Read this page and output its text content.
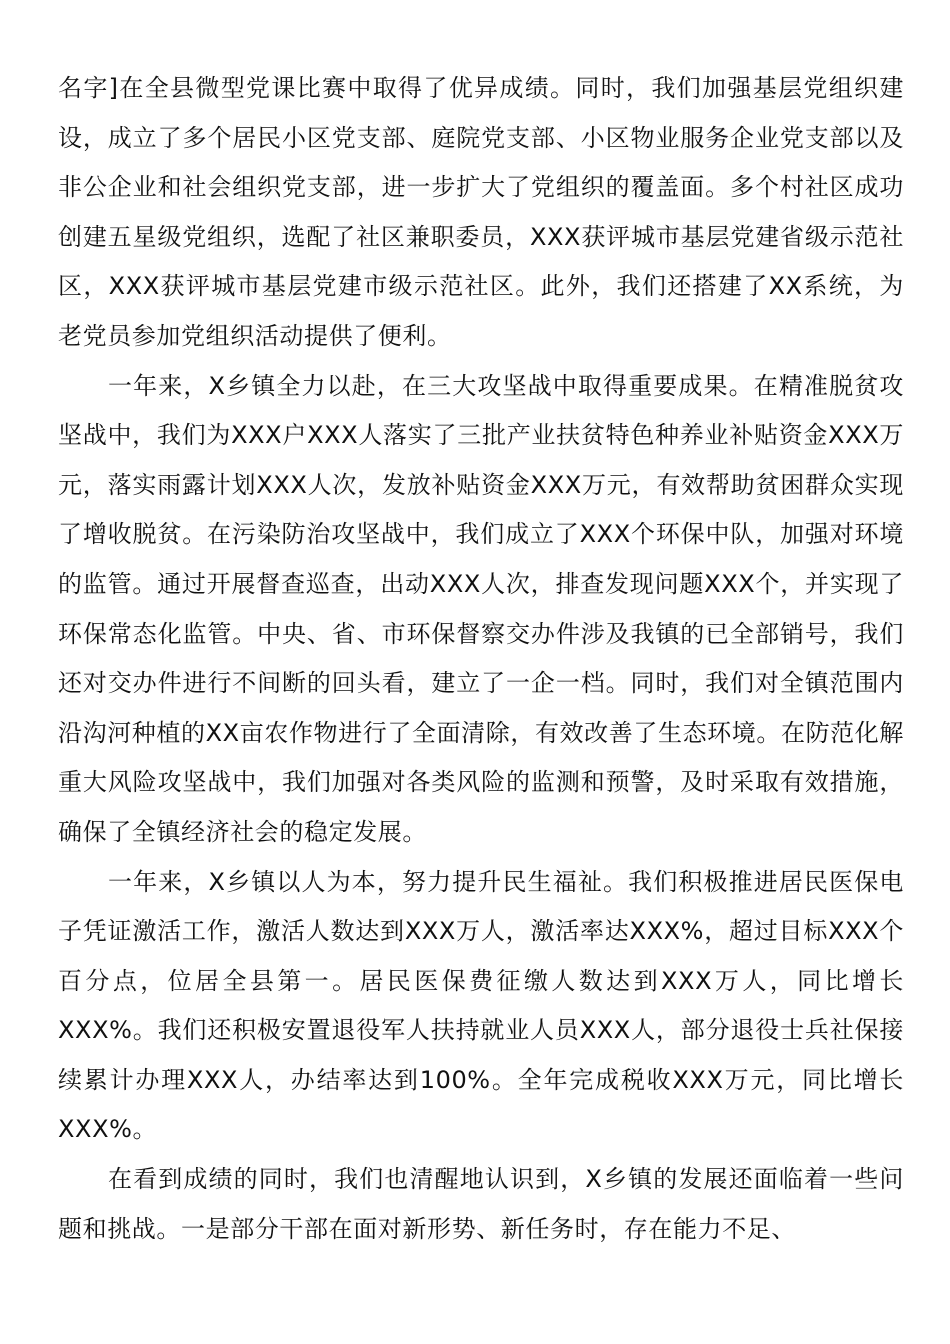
名字]在全县微型党课比赛中取得了优异成绩。同时，我们加强基层党组织建设，成立了多个居民小区党支部、庭院党支部、小区物业服务企业党支部以及非公企业和社会组织党支部，进一步扩大了党组织的覆盖面。多个村社区成功创建五星级党组织，选配了社区兼职委员，XXX获评城市基层党建省级示范社区，XXX获评城市基层党建市级示范社区。此外，我们还搭建了XX系统，为老党员参加党组织活动提供了便利。

一年来，X乡镇全力以赴，在三大攻坚战中取得重要成果。在精准脱贫攻坚战中，我们为XXX户XXX人落实了三批产业扶贫特色种养业补贴资金XXX万元，落实雨露计划XXX人次，发放补贴资金XXX万元，有效帮助贫困群众实现了增收脱贫。在污染防治攻坚战中，我们成立了XXX个环保中队，加强对环境的监管。通过开展督查巡查，出动XXX人次，排查发现问题XXX个，并实现了环保常态化监管。中央、省、市环保督察交办件涉及我镇的已全部销号，我们还对交办件进行不间断的回头看，建立了一企一档。同时，我们对全镇范围内沿沟河种植的XX亩农作物进行了全面清除，有效改善了生态环境。在防范化解重大风险攻坚战中，我们加强对各类风险的监测和预警，及时采取有效措施，确保了全镇经济社会的稳定发展。

一年来，X乡镇以人为本，努力提升民生福祉。我们积极推进居民医保电子凭证激活工作，激活人数达到XXX万人，激活率达XXX%，超过目标XXX个百分点，位居全县第一。居民医保费征缴人数达到XXX万人，同比增长XXX%。我们还积极安置退役军人扶持就业人员XXX人，部分退役士兵社保接续累计办理XXX人，办结率达到100%。全年完成税收XXX万元，同比增长XXX%。

在看到成绩的同时，我们也清醒地认识到，X乡镇的发展还面临着一些问题和挑战。一是部分干部在面对新形势、新任务时，存在能力不足、
